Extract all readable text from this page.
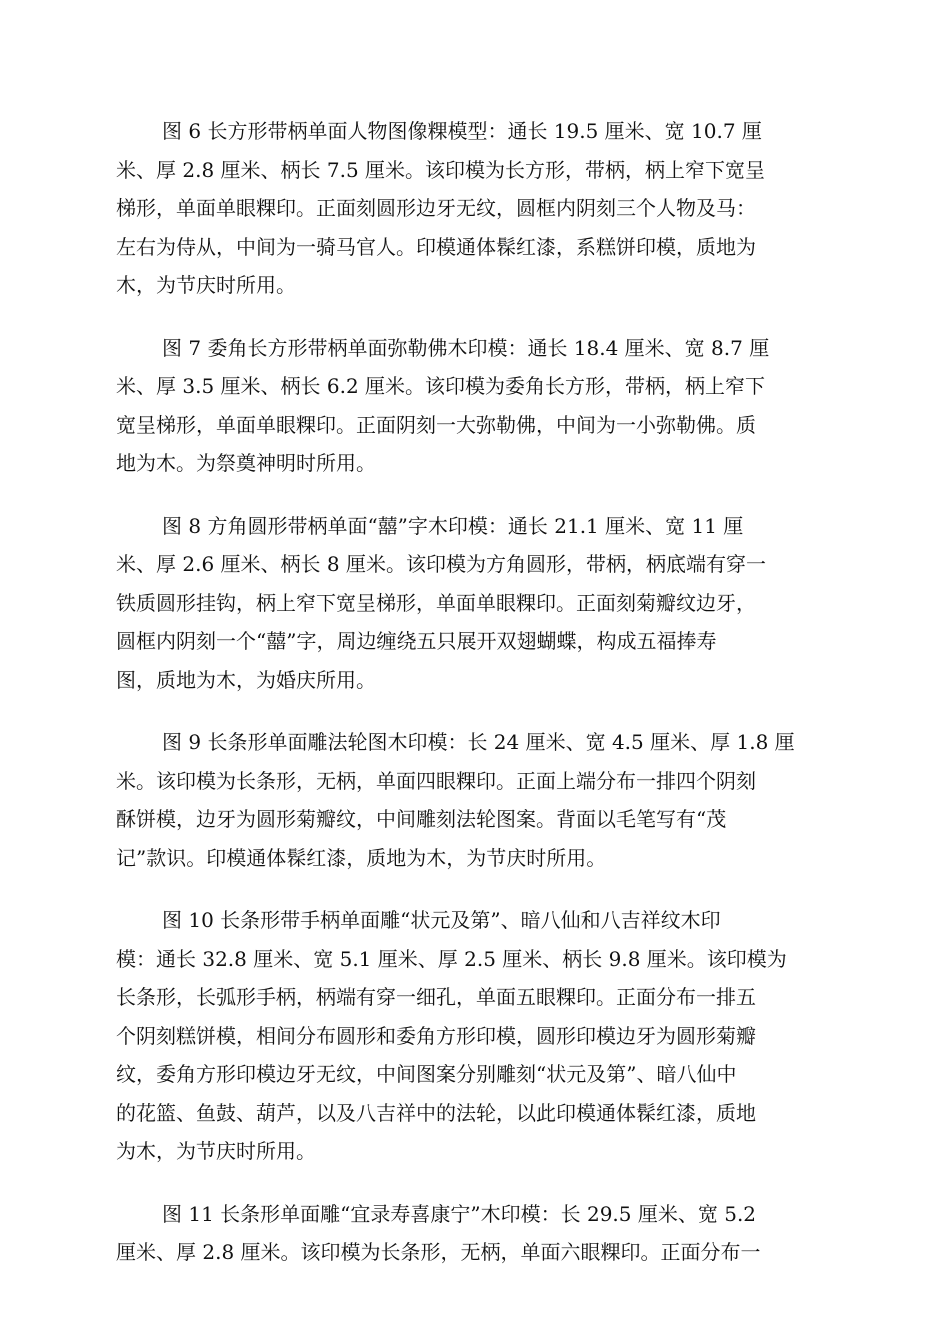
图 6 长方形带柄单面人物图像粿模型：通长 19.5 厘米、宽 10.7 厘
米、厚 2.8 厘米、柄长 7.5 厘米。该印模为长方形，带柄，柄上窄下宽呈
梯形，单面单眼粿印。正面刻圆形边牙无纹，圆框内阴刻三个人物及马：
左右为侍从，中间为一骑马官人。印模通体髹红漆，系糕饼印模，质地为
木，为节庆时所用。

图 7 委角长方形带柄单面弥勒佛木印模：通长 18.4 厘米、宽 8.7 厘
米、厚 3.5 厘米、柄长 6.2 厘米。该印模为委角长方形，带柄，柄上窄下
宽呈梯形，单面单眼粿印。正面阴刻一大弥勒佛，中间为一小弥勒佛。质
地为木。为祭奠神明时所用。

图 8 方角圆形带柄单面“囍”字木印模：通长 21.1 厘米、宽 11 厘
米、厚 2.6 厘米、柄长 8 厘米。该印模为方角圆形，带柄，柄底端有穿一
铁质圆形挂钩，柄上窄下宽呈梯形，单面单眼粿印。正面刻菊瓣纹边牙，
圆框内阴刻一个“囍”字，周边缠绕五只展开双翅蝴蝶，构成五福捧寿
图，质地为木，为婚庆所用。

图 9 长条形单面雕法轮图木印模：长 24 厘米、宽 4.5 厘米、厚 1.8 厘
米。该印模为长条形，无柄，单面四眼粿印。正面上端分布一排四个阴刻
酥饼模，边牙为圆形菊瓣纹，中间雕刻法轮图案。背面以毛笔写有“茂
记”款识。印模通体髹红漆，质地为木，为节庆时所用。

图 10 长条形带手柄单面雕“状元及第”、暗八仙和八吉祥纹木印
模：通长 32.8 厘米、宽 5.1 厘米、厚 2.5 厘米、柄长 9.8 厘米。该印模为
长条形，长弧形手柄，柄端有穿一细孔，单面五眼粿印。正面分布一排五
个阴刻糕饼模，相间分布圆形和委角方形印模，圆形印模边牙为圆形菊瓣
纹，委角方形印模边牙无纹，中间图案分别雕刻“状元及第”、暗八仙中
的花篮、鱼鼓、葫芦，以及八吉祥中的法轮，以此印模通体髹红漆，质地
为木，为节庆时所用。

图 11 长条形单面雕“宜录寿喜康宁”木印模：长 29.5 厘米、宽 5.2
厘米、厚 2.8 厘米。该印模为长条形，无柄，单面六眼粿印。正面分布一
